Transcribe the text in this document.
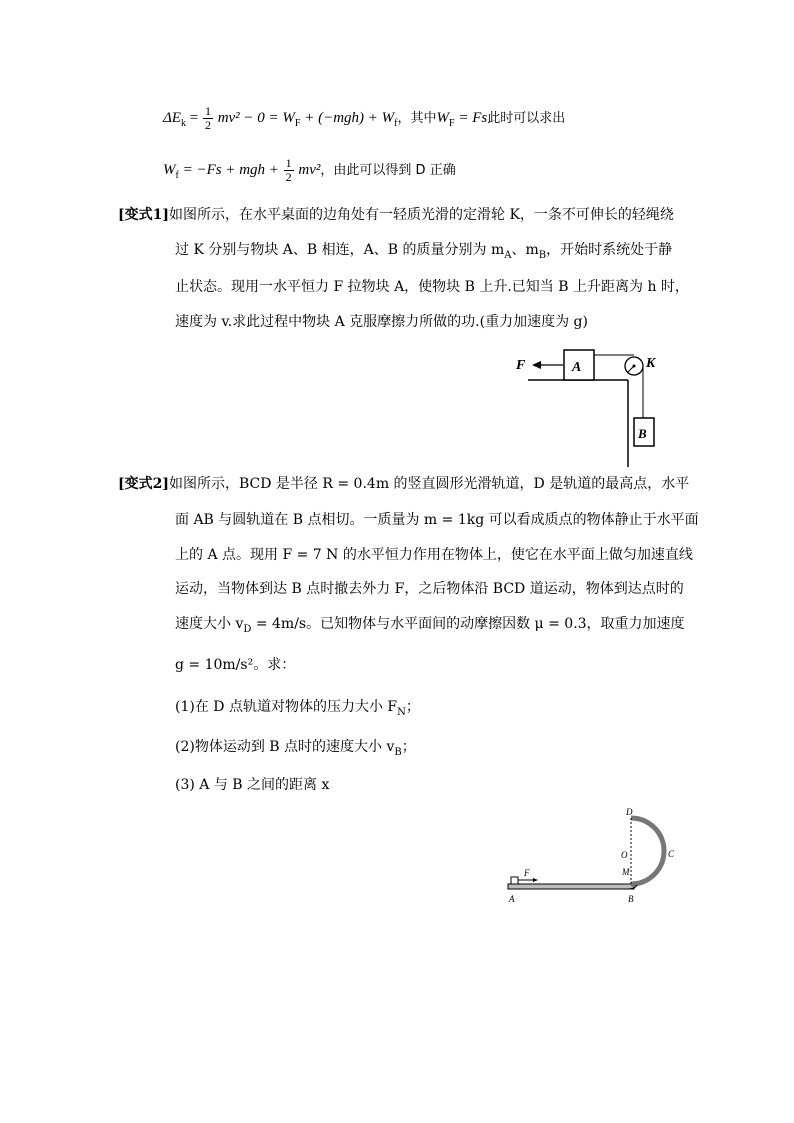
$\Delta E_k = \frac{1}{2} mv^2 - 0 = W_F + (-mgh) + W_f$，其中$W_F = Fs$此时可以求出
$W_f = -Fs$ + mgh + $\frac{1}{2} mv^2$，由此可以得到 D 正确
[变式1]如图所示，在水平桌面的边角处有一轻质光滑的定滑轮 K，一条不可伸长的轻绳绕
过 K 分别与物块 A、B 相连，A、B 的质量分别为 $m_A$、$m_B$，开始时系统处于静
止状态。现用一水平恒力 F 拉物块 A，使物块 B 上升.已知当 B 上升距离为 h 时，
速度为 v.求此过程中物块 A 克服摩擦力所做的功.(重力加速度为 g)
A
F	K
B
[变式2]如图所示，BCD 是半径 R = 0.4m 的竖直圆形光滑轨道，D 是轨道的最高点，水平
面 AB 与圆轨道在 B 点相切。一质量为 m = 1kg 可以看成质点的物体静止于水平面
上的 A 点。现用 F = 7 N 的水平恒力作用在物体上，使它在水平面上做匀加速直线
运动，当物体到达 B 点时撤去外力 F，之后物体沿 BCD 道运动，物体到达点时的
速度大小 $v_D = 4m/s$。已知物体与水平面间的动摩擦因数 μ = 0.3，取重力加速度
g = 10m/s²。求：
(1)在 D 点轨道对物体的压力大小 $F_N$；
(2)物体运动到 B 点时的速度大小 $v_B$；
(3) A 与 B 之间的距离 x
F
D
O	C
M
A	B
